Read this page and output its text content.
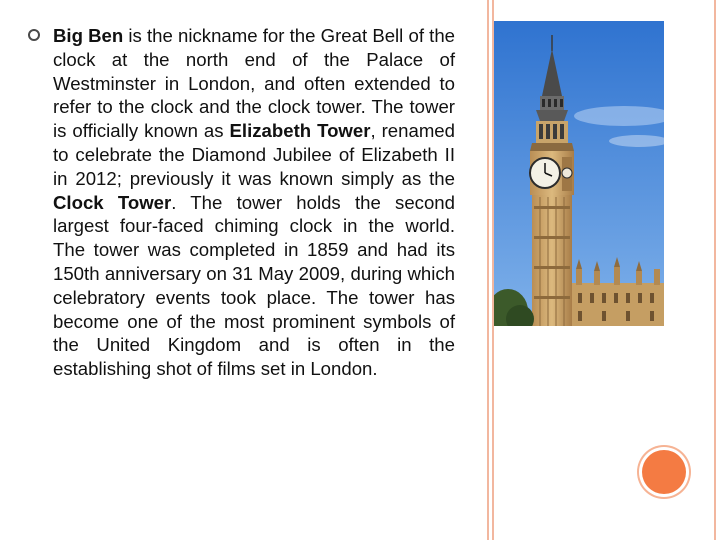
Big Ben is the nickname for the Great Bell of the clock at the north end of the Palace of Westminster in London, and often extended to refer to the clock and the clock tower. The tower is officially known as Elizabeth Tower, renamed to celebrate the Diamond Jubilee of Elizabeth II in 2012; previously it was known simply as the Clock Tower. The tower holds the second largest four-faced chiming clock in the world. The tower was completed in 1859 and had its 150th anniversary on 31 May 2009, during which celebratory events took place. The tower has become one of the most prominent symbols of the United Kingdom and is often in the establishing shot of films set in London.
